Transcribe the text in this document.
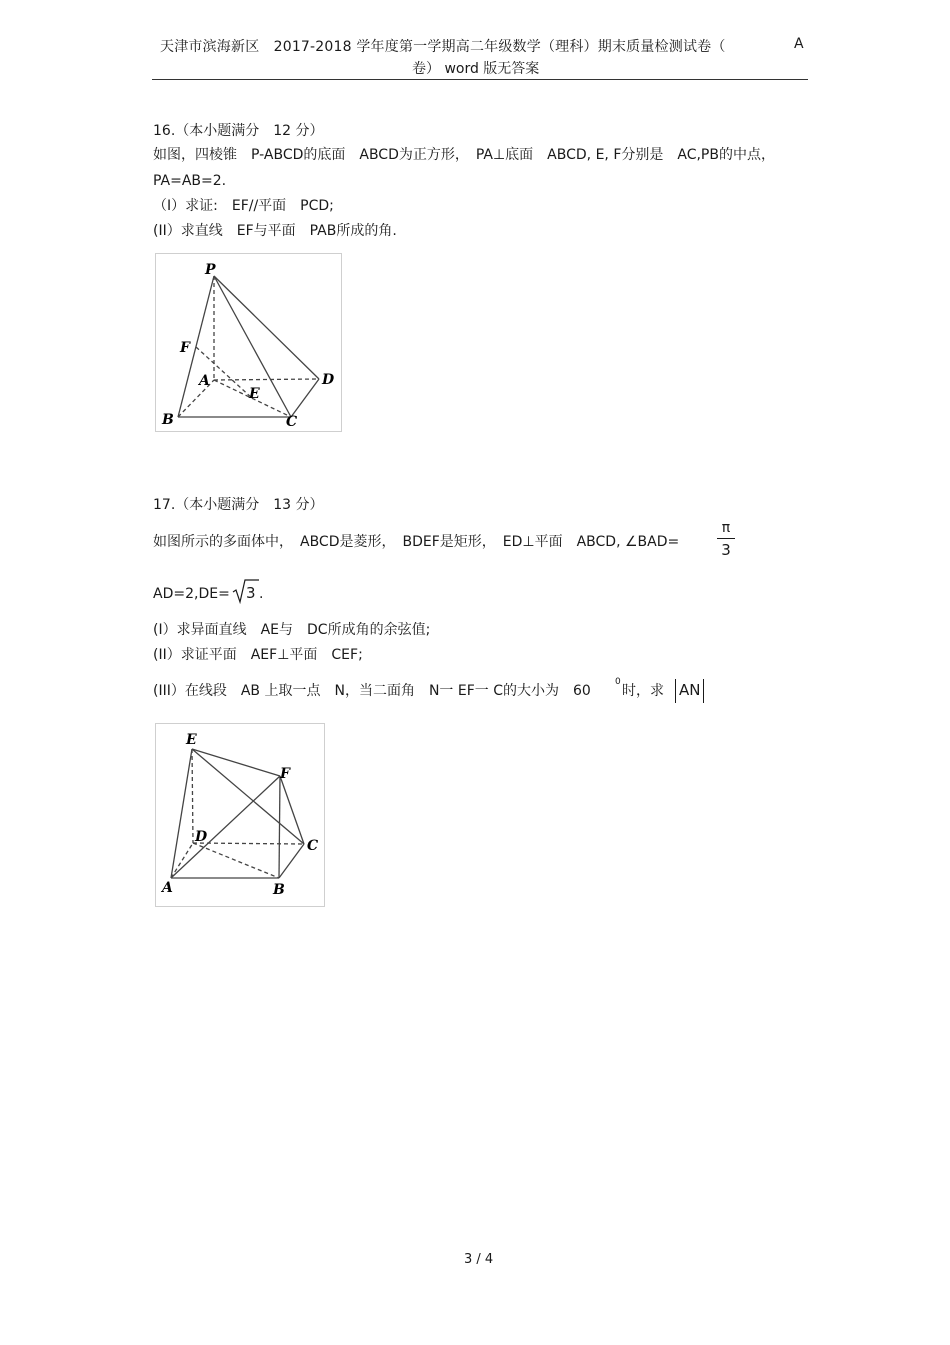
天津市滨海新区　2017-2018 学年度第一学期高二年级数学（理科）期末质量检测试卷（	A
卷） word 版无答案
16.（本小题满分　12 分）
如图，四棱锥　P-ABCD的底面　ABCD为正方形，　PA⊥底面　ABCD, E, F分别是　AC,PB的中点，
PA=AB=2.
（I）求证:　EF//平面　PCD;
(II）求直线　EF与平面　PAB所成的角.
P
F
A
E
D
B	C
17.（本小题满分　13 分）
如图所示的多面体中，　ABCD是菱形，　BDEF是矩形，　ED⊥平面　ABCD, ∠BAD=
π
3
AD=2,DE= 3 .
(I）求异面直线　AE与　DC所成角的余弦值;
(II）求证平面　AEF⊥平面　CEF;
(III）在线段　AB 上取一点　N，当二面角　N一 EF一 C的大小为　60
0
时，求 AN
E
F
D
C
A	B
3 / 4
